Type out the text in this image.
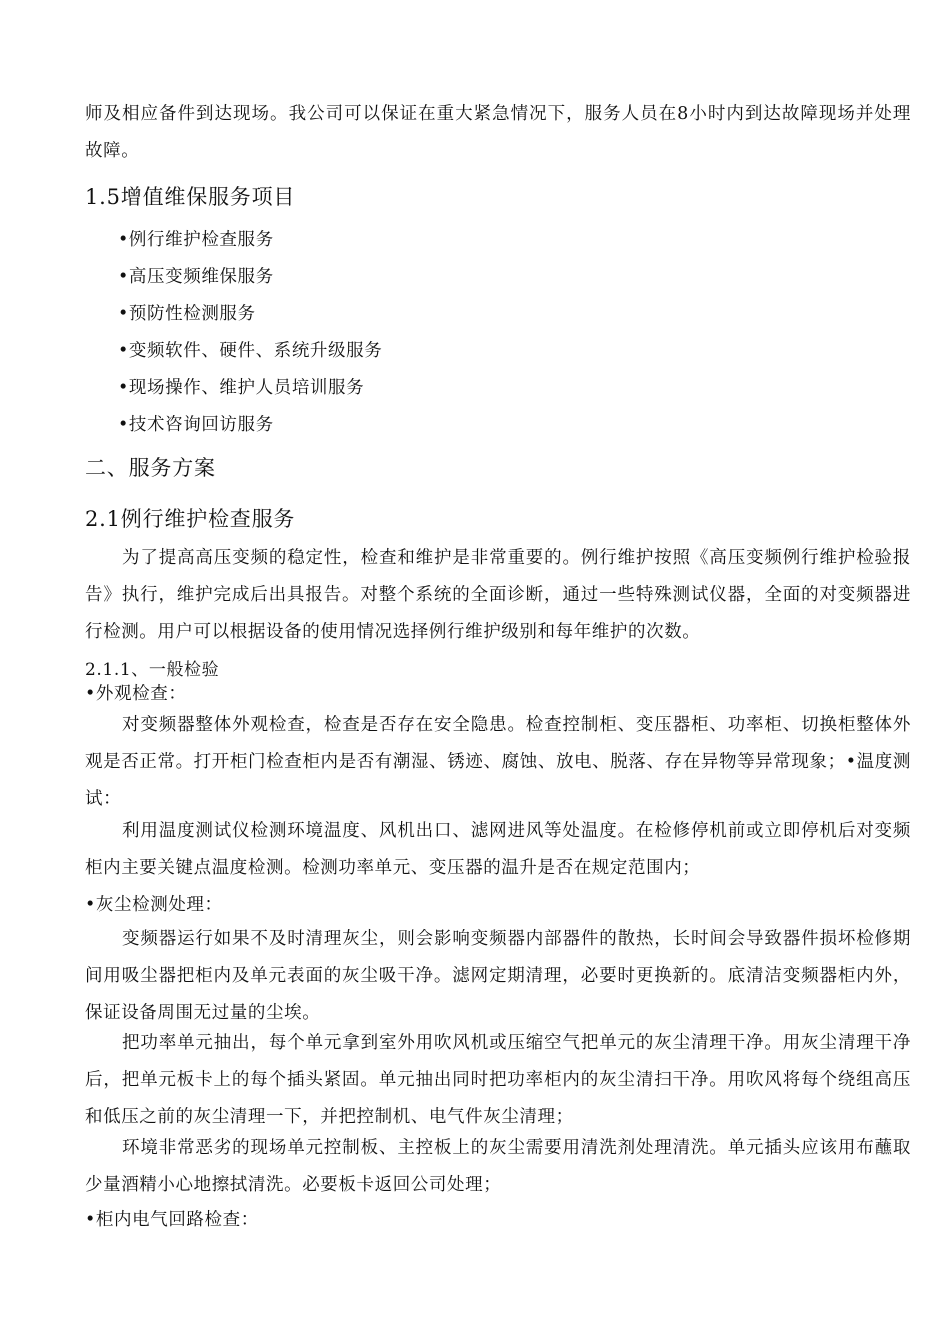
师及相应备件到达现场。我公司可以保证在重大紧急情况下，服务人员在8小时内到达故障现场并处理故障。

1.5增值维保服务项目

•例行维护检查服务

•高压变频维保服务

•预防性检测服务

•变频软件、硬件、系统升级服务

•现场操作、维护人员培训服务

•技术咨询回访服务

二、服务方案
2.1例行维护检查服务

为了提高高压变频的稳定性，检查和维护是非常重要的。例行维护按照《高压变频例行维护检验报告》执行，维护完成后出具报告。对整个系统的全面诊断，通过一些特殊测试仪器，全面的对变频器进行检测。用户可以根据设备的使用情况选择例行维护级别和每年维护的次数。

2.1.1、一般检验

•外观检查：

对变频器整体外观检查，检查是否存在安全隐患。检查控制柜、变压器柜、功率柜、切换柜整体外观是否正常。打开柜门检查柜内是否有潮湿、锈迹、腐蚀、放电、脱落、存在异物等异常现象；•温度测试：

利用温度测试仪检测环境温度、风机出口、滤网进风等处温度。在检修停机前或立即停机后对变频柜内主要关键点温度检测。检测功率单元、变压器的温升是否在规定范围内；

•灰尘检测处理：

变频器运行如果不及时清理灰尘，则会影响变频器内部器件的散热，长时间会导致器件损坏检修期间用吸尘器把柜内及单元表面的灰尘吸干净。滤网定期清理，必要时更换新的。底清洁变频器柜内外，保证设备周围无过量的尘埃。

把功率单元抽出，每个单元拿到室外用吹风机或压缩空气把单元的灰尘清理干净。用灰尘清理干净后，把单元板卡上的每个插头紧固。单元抽出同时把功率柜内的灰尘清扫干净。用吹风将每个绕组高压和低压之前的灰尘清理一下，并把控制机、电气件灰尘清理；

环境非常恶劣的现场单元控制板、主控板上的灰尘需要用清洗剂处理清洗。单元插头应该用布蘸取少量酒精小心地擦拭清洗。必要板卡返回公司处理；

•柜内电气回路检查：
